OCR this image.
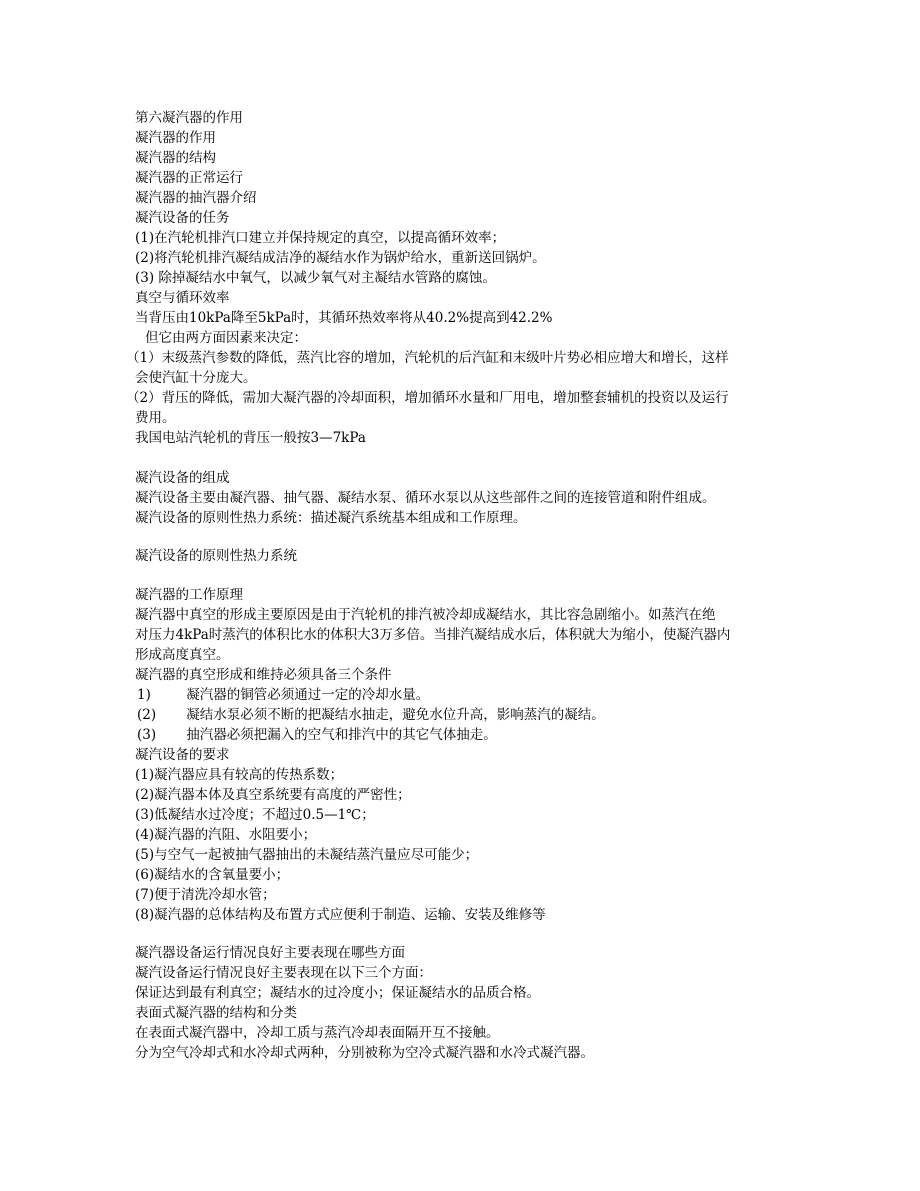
第六凝汽器的作用
凝汽器的作用
凝汽器的结构
凝汽器的正常运行
凝汽器的抽汽器介绍
凝汽设备的任务
(1)在汽轮机排汽口建立并保持规定的真空，以提高循环效率；
(2)将汽轮机排汽凝结成洁净的凝结水作为锅炉给水，重新送回锅炉。
(3) 除掉凝结水中氧气，以减少氧气对主凝结水管路的腐蚀。
真空与循环效率
当背压由10kPa降至5kPa时，其循环热效率将从40.2%提高到42.2%
但它由两方面因素来决定：
（1）末级蒸汽参数的降低，蒸汽比容的增加，汽轮机的后汽缸和末级叶片势必相应增大和增长，这样
会使汽缸十分庞大。
（2）背压的降低，需加大凝汽器的冷却面积，增加循环水量和厂用电，增加整套辅机的投资以及运行
费用。
我国电站汽轮机的背压一般按3—7kPa
凝汽设备的组成
凝汽设备主要由凝汽器、抽气器、凝结水泵、循环水泵以从这些部件之间的连接管道和附件组成。
凝汽设备的原则性热力系统：描述凝汽系统基本组成和工作原理。
凝汽设备的原则性热力系统
凝汽器的工作原理
凝汽器中真空的形成主要原因是由于汽轮机的排汽被冷却成凝结水，其比容急剧缩小。如蒸汽在绝
对压力4kPa时蒸汽的体积比水的体积大3万多倍。当排汽凝结成水后，体积就大为缩小，使凝汽器内
形成高度真空。
凝汽器的真空形成和维持必须具备三个条件
1)	凝汽器的铜管必须通过一定的冷却水量。
(2) 凝结水泵必须不断的把凝结水抽走，避免水位升高，影响蒸汽的凝结。
(3) 抽汽器必须把漏入的空气和排汽中的其它气体抽走。
凝汽设备的要求
(1)凝汽器应具有较高的传热系数；
(2)凝汽器本体及真空系统要有高度的严密性；
(3)低凝结水过冷度；不超过0.5—1℃；
(4)凝汽器的汽阻、水阻要小；
(5)与空气一起被抽气器抽出的未凝结蒸汽量应尽可能少；
(6)凝结水的含氧量要小；
(7)便于清洗冷却水管；
(8)凝汽器的总体结构及布置方式应便利于制造、运输、安装及维修等
凝汽器设备运行情况良好主要表现在哪些方面
凝汽设备运行情况良好主要表现在以下三个方面：
保证达到最有利真空；凝结水的过冷度小；保证凝结水的品质合格。
表面式凝汽器的结构和分类
在表面式凝汽器中，冷却工质与蒸汽冷却表面隔开互不接触。
分为空气冷却式和水冷却式两种，分别被称为空冷式凝汽器和水冷式凝汽器。
